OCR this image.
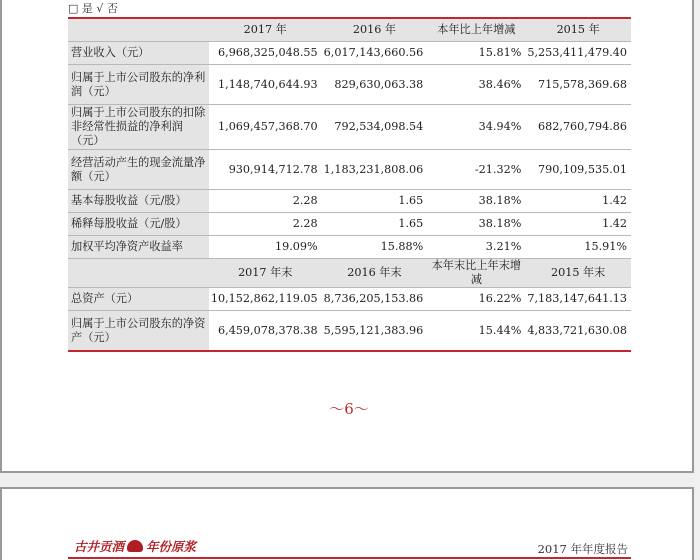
□ 是 √ 否
	2017 年	2016 年	本年比上年增减	2015 年
营业收入（元）	6,968,325,048.55	6,017,143,660.56	15.81%	5,253,411,479.40
归属于上市公司股东的净利润（元）	1,148,740,644.93	829,630,063.38	38.46%	715,578,369.68
归属于上市公司股东的扣除非经常性损益的净利润（元）	1,069,457,368.70	792,534,098.54	34.94%	682,760,794.86
经营活动产生的现金流量净额（元）	930,914,712.78	1,183,231,808.06	-21.32%	790,109,535.01
基本每股收益（元/股）	2.28	1.65	38.18%	1.42
稀释每股收益（元/股）	2.28	1.65	38.18%	1.42
加权平均净资产收益率	19.09%	15.88%	3.21%	15.91%
	2017 年末	2016 年末	本年末比上年末增减	2015 年末
总资产（元）	10,152,862,119.05	8,736,205,153.86	16.22%	7,183,147,641.13
归属于上市公司股东的净资产（元）	6,459,078,378.38	5,595,121,383.96	15.44%	4,833,721,630.08
～6～
古井贡酒 年份原浆	2017 年年度报告
